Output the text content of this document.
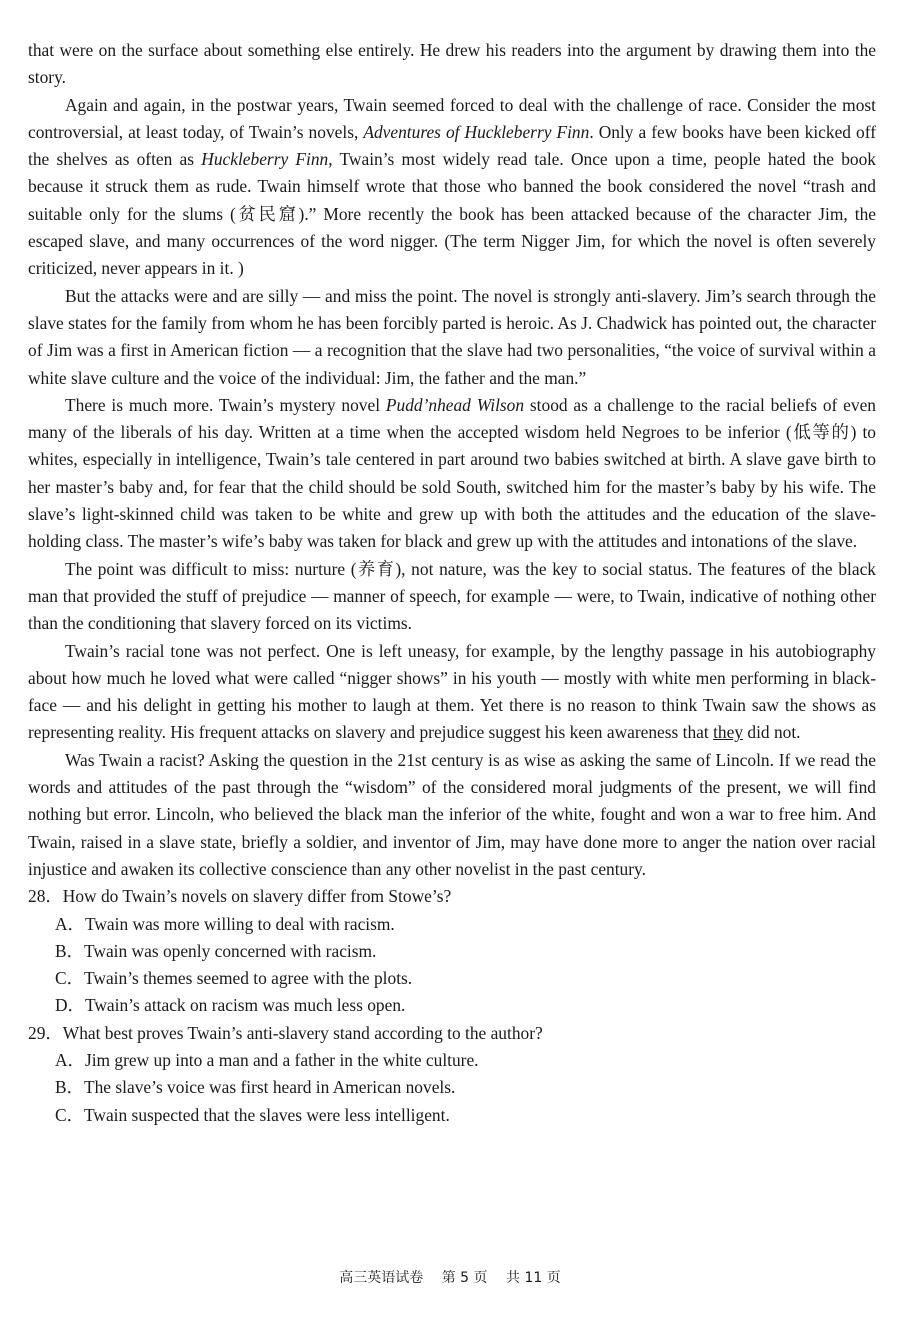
that were on the surface about something else entirely. He drew his readers into the argument by drawing them into the story.

Again and again, in the postwar years, Twain seemed forced to deal with the challenge of race. Consider the most controversial, at least today, of Twain’s novels, Adventures of Huckleberry Finn. Only a few books have been kicked off the shelves as often as Huckleberry Finn, Twain’s most widely read tale. Once upon a time, people hated the book because it struck them as rude. Twain himself wrote that those who banned the book considered the novel “trash and suitable only for the slums (贫民窟).” More recently the book has been attacked because of the character Jim, the escaped slave, and many occurrences of the word nigger. (The term Nigger Jim, for which the novel is often severely criticized, never appears in it. )

But the attacks were and are silly — and miss the point. The novel is strongly anti-slavery. Jim’s search through the slave states for the family from whom he has been forcibly parted is heroic. As J. Chadwick has pointed out, the character of Jim was a first in American fiction — a recognition that the slave had two personalities, “the voice of survival within a white slave culture and the voice of the individual: Jim, the father and the man.”

There is much more. Twain’s mystery novel Pudd’nhead Wilson stood as a challenge to the racial beliefs of even many of the liberals of his day. Written at a time when the accepted wisdom held Negroes to be inferior (低等的) to whites, especially in intelligence, Twain’s tale centered in part around two babies switched at birth. A slave gave birth to her master’s baby and, for fear that the child should be sold South, switched him for the master’s baby by his wife. The slave’s light-skinned child was taken to be white and grew up with both the attitudes and the education of the slave-holding class. The master’s wife’s baby was taken for black and grew up with the attitudes and intonations of the slave.

The point was difficult to miss: nurture (养育), not nature, was the key to social status. The features of the black man that provided the stuff of prejudice — manner of speech, for example — were, to Twain, indicative of nothing other than the conditioning that slavery forced on its victims.

Twain’s racial tone was not perfect. One is left uneasy, for example, by the lengthy passage in his autobiography about how much he loved what were called “nigger shows” in his youth — mostly with white men performing in black-face — and his delight in getting his mother to laugh at them. Yet there is no reason to think Twain saw the shows as representing reality. His frequent attacks on slavery and prejudice suggest his keen awareness that they did not.

Was Twain a racist? Asking the question in the 21st century is as wise as asking the same of Lincoln. If we read the words and attitudes of the past through the “wisdom” of the considered moral judgments of the present, we will find nothing but error. Lincoln, who believed the black man the inferior of the white, fought and won a war to free him. And Twain, raised in a slave state, briefly a soldier, and inventor of Jim, may have done more to anger the nation over racial injustice and awaken its collective conscience than any other novelist in the past century.

28．How do Twain’s novels on slavery differ from Stowe’s?

A．Twain was more willing to deal with racism.

B．Twain was openly concerned with racism.

C．Twain’s themes seemed to agree with the plots.

D．Twain’s attack on racism was much less open.

29．What best proves Twain’s anti-slavery stand according to the author?

A．Jim grew up into a man and a father in the white culture.

B．The slave’s voice was first heard in American novels.

C．Twain suspected that the slaves were less intelligent.

高三英语试卷　 第 5 页　 共 11 页
